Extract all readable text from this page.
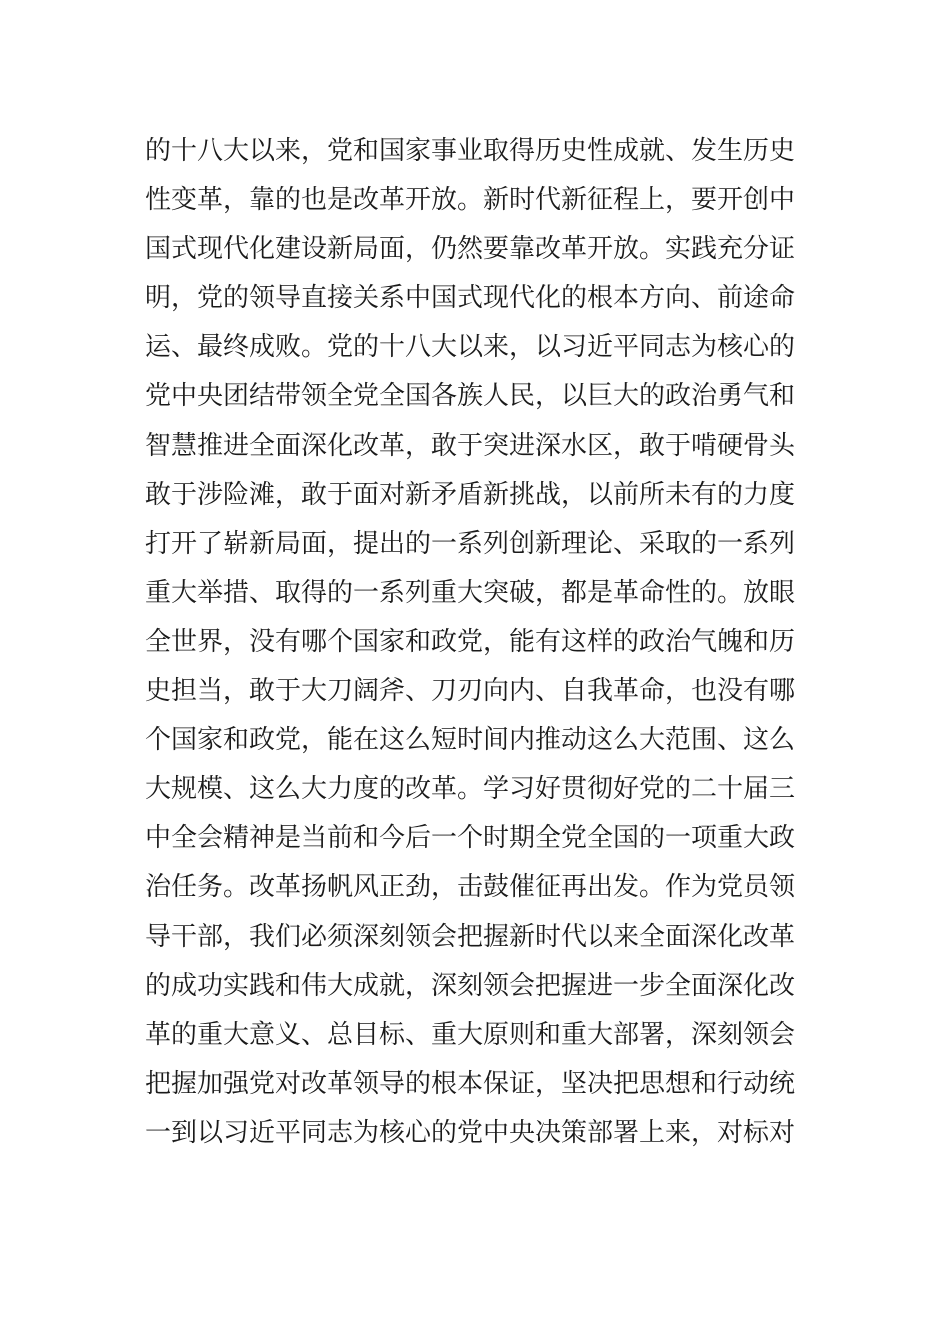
的十八大以来，党和国家事业取得历史性成就、发生历史
性变革，靠的也是改革开放。新时代新征程上，要开创中
国式现代化建设新局面，仍然要靠改革开放。实践充分证
明，党的领导直接关系中国式现代化的根本方向、前途命
运、最终成败。党的十八大以来，以习近平同志为核心的
党中央团结带领全党全国各族人民，以巨大的政治勇气和
智慧推进全面深化改革，敢于突进深水区，敢于啃硬骨头
敢于涉险滩，敢于面对新矛盾新挑战，以前所未有的力度
打开了崭新局面，提出的一系列创新理论、采取的一系列
重大举措、取得的一系列重大突破，都是革命性的。放眼
全世界，没有哪个国家和政党，能有这样的政治气魄和历
史担当，敢于大刀阔斧、刀刃向内、自我革命，也没有哪
个国家和政党，能在这么短时间内推动这么大范围、这么
大规模、这么大力度的改革。学习好贯彻好党的二十届三
中全会精神是当前和今后一个时期全党全国的一项重大政
治任务。改革扬帆风正劲，击鼓催征再出发。作为党员领
导干部，我们必须深刻领会把握新时代以来全面深化改革
的成功实践和伟大成就，深刻领会把握进一步全面深化改
革的重大意义、总目标、重大原则和重大部署，深刻领会
把握加强党对改革领导的根本保证，坚决把思想和行动统
一到以习近平同志为核心的党中央决策部署上来，对标对
